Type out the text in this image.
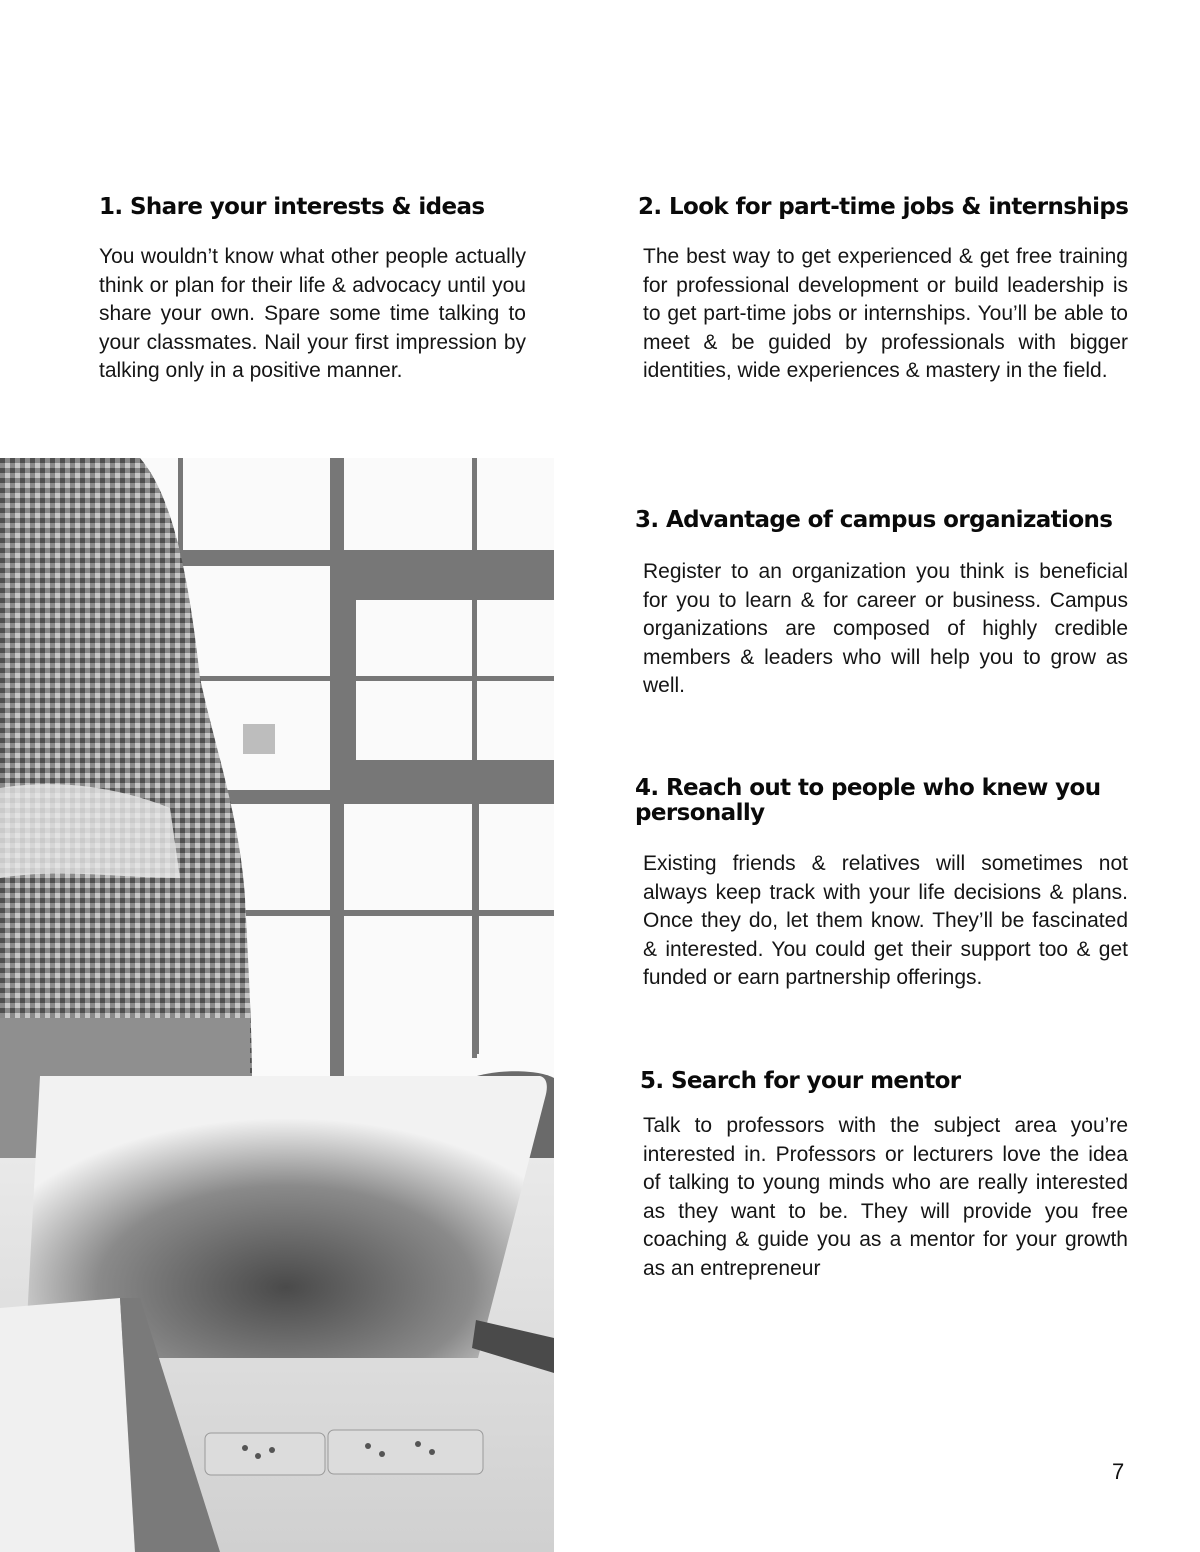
1. Share your interests & ideas

You wouldn’t know what other people actually think or plan for their life & advocacy until you share your own. Spare some time talking to your classmates. Nail your first impression by talking only in a positive manner.

2. Look for part-time jobs & internships

The best way to get experienced & get free training for professional development or build leadership is to get part-time jobs or internships. You’ll be able to meet & be guided by professionals with bigger identities, wide experiences & mastery in the field.

3. Advantage of campus organizations

Register to an organization you think is beneficial for you to learn & for career or business. Campus organizations are composed of highly credible members & leaders who will help you to grow as well.

4. Reach out to people who knew you personally

Existing friends & relatives will sometimes not always keep track with your life decisions & plans. Once they do, let them know. They’ll be fascinated & interested. You could get their support too & get funded or earn partnership offerings.

5. Search for your mentor

Talk to professors with the subject area you’re interested in. Professors or lecturers love the idea of talking to young minds who are really interested as they want to be. They will provide you free coaching & guide you as a mentor for your growth as an entrepreneur

7
